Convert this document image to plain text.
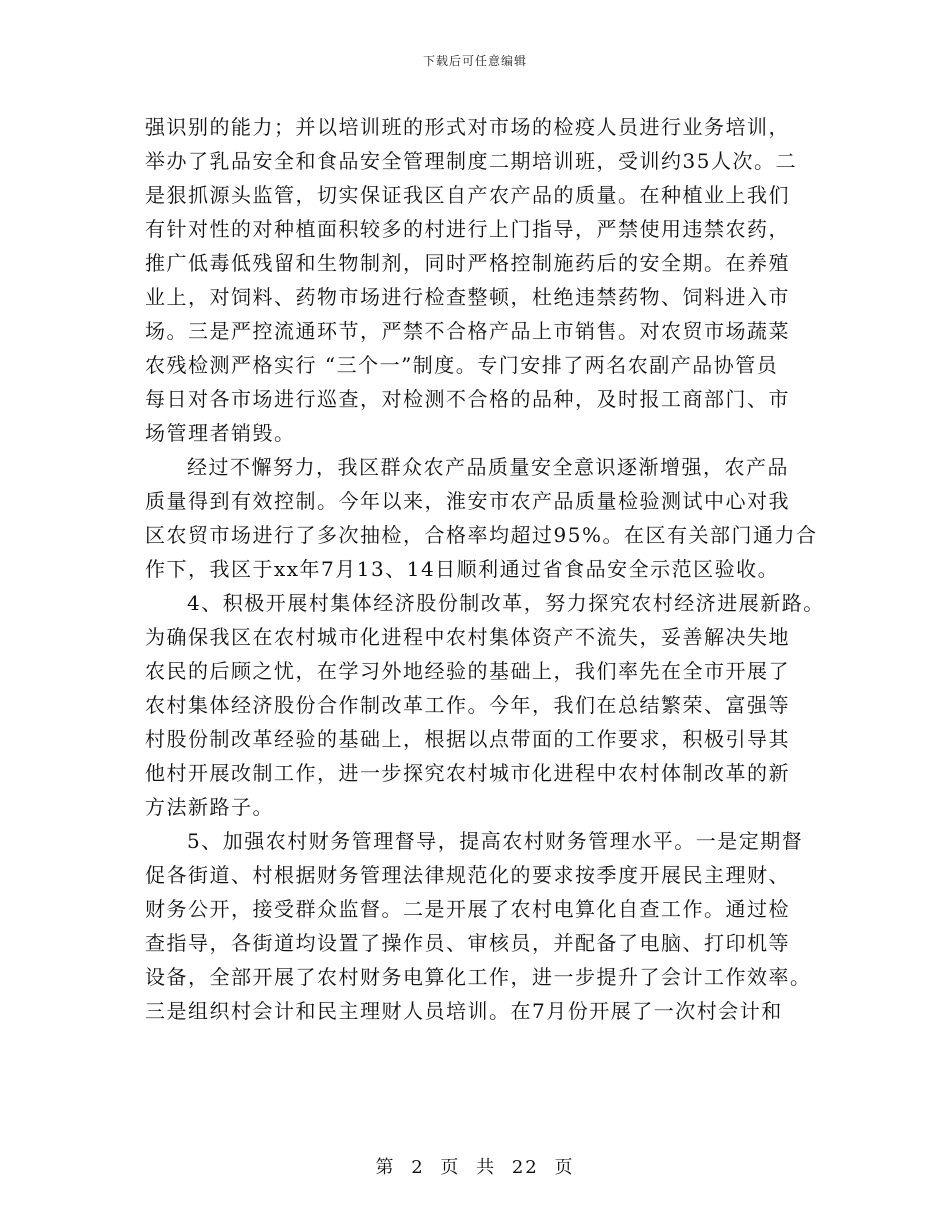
下载后可任意编辑
强识别的能力；并以培训班的形式对市场的检疫人员进行业务培训，
举办了乳品安全和食品安全管理制度二期培训班，受训约35人次。二
是狠抓源头监管，切实保证我区自产农产品的质量。在种植业上我们
有针对性的对种植面积较多的村进行上门指导，严禁使用违禁农药，
推广低毒低残留和生物制剂，同时严格控制施药后的安全期。在养殖
业上，对饲料、药物市场进行检查整顿，杜绝违禁药物、饲料进入市
场。三是严控流通环节，严禁不合格产品上市销售。对农贸市场蔬菜
农残检测严格实行 “三个一”制度。专门安排了两名农副产品协管员
每日对各市场进行巡查，对检测不合格的品种，及时报工商部门、市
场管理者销毁。
经过不懈努力，我区群众农产品质量安全意识逐渐增强，农产品
质量得到有效控制。今年以来，淮安市农产品质量检验测试中心对我
区农贸市场进行了多次抽检，合格率均超过95%。在区有关部门通力合
作下，我区于xx年7月13、14日顺利通过省食品安全示范区验收。
4、积极开展村集体经济股份制改革，努力探究农村经济进展新路。
为确保我区在农村城市化进程中农村集体资产不流失，妥善解决失地
农民的后顾之忧，在学习外地经验的基础上，我们率先在全市开展了
农村集体经济股份合作制改革工作。今年，我们在总结繁荣、富强等
村股份制改革经验的基础上，根据以点带面的工作要求，积极引导其
他村开展改制工作，进一步探究农村城市化进程中农村体制改革的新
方法新路子。
5、加强农村财务管理督导，提高农村财务管理水平。一是定期督
促各街道、村根据财务管理法律规范化的要求按季度开展民主理财、
财务公开，接受群众监督。二是开展了农村电算化自查工作。通过检
查指导，各街道均设置了操作员、审核员，并配备了电脑、打印机等
设备，全部开展了农村财务电算化工作，进一步提升了会计工作效率。
三是组织村会计和民主理财人员培训。在7月份开展了一次村会计和
第 2 页 共 22 页
